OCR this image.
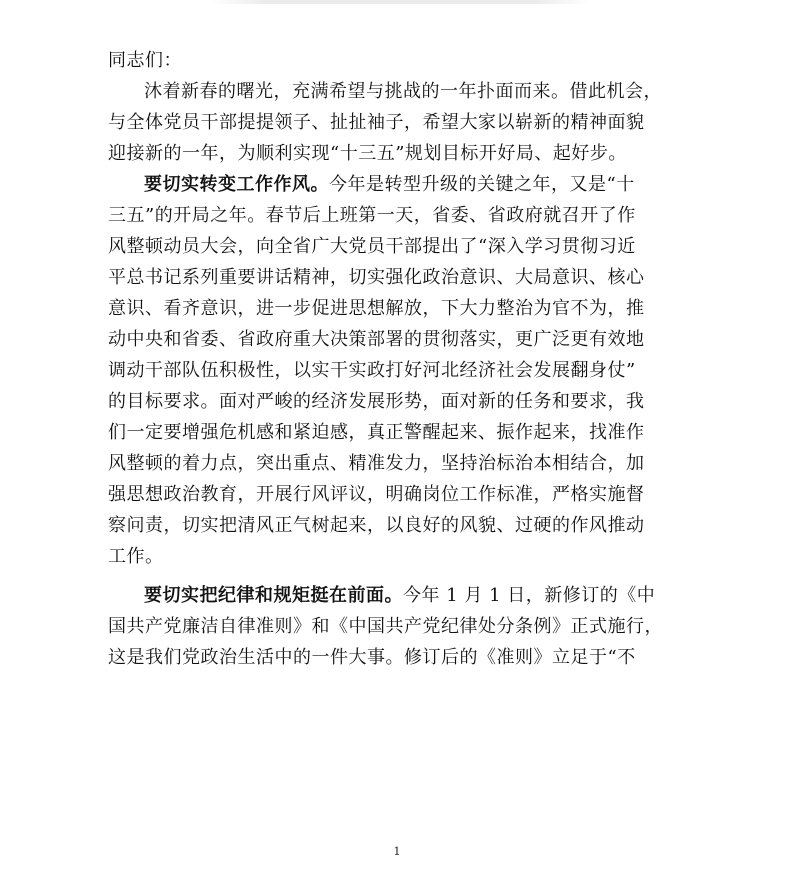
同志们：
沐着新春的曙光，充满希望与挑战的一年扑面而来。借此机会，
与全体党员干部提提领子、扯扯袖子，希望大家以崭新的精神面貌
迎接新的一年，为顺利实现“十三五”规划目标开好局、起好步。
要切实转变工作作风。今年是转型升级的关键之年，又是“十
三五”的开局之年。春节后上班第一天，省委、省政府就召开了作
风整顿动员大会，向全省广大党员干部提出了“深入学习贯彻习近
平总书记系列重要讲话精神，切实强化政治意识、大局意识、核心
意识、看齐意识，进一步促进思想解放，下大力整治为官不为，推
动中央和省委、省政府重大决策部署的贯彻落实，更广泛更有效地
调动干部队伍积极性，以实干实政打好河北经济社会发展翻身仗”
的目标要求。面对严峻的经济发展形势，面对新的任务和要求，我
们一定要增强危机感和紧迫感，真正警醒起来、振作起来，找准作
风整顿的着力点，突出重点、精准发力，坚持治标治本相结合，加
强思想政治教育，开展行风评议，明确岗位工作标准，严格实施督
察问责，切实把清风正气树起来，以良好的风貌、过硬的作风推动
工作。
要切实把纪律和规矩挺在前面。今年 1 月 1 日，新修订的《中
国共产党廉洁自律准则》和《中国共产党纪律处分条例》正式施行，
这是我们党政治生活中的一件大事。修订后的《准则》立足于“不
1
